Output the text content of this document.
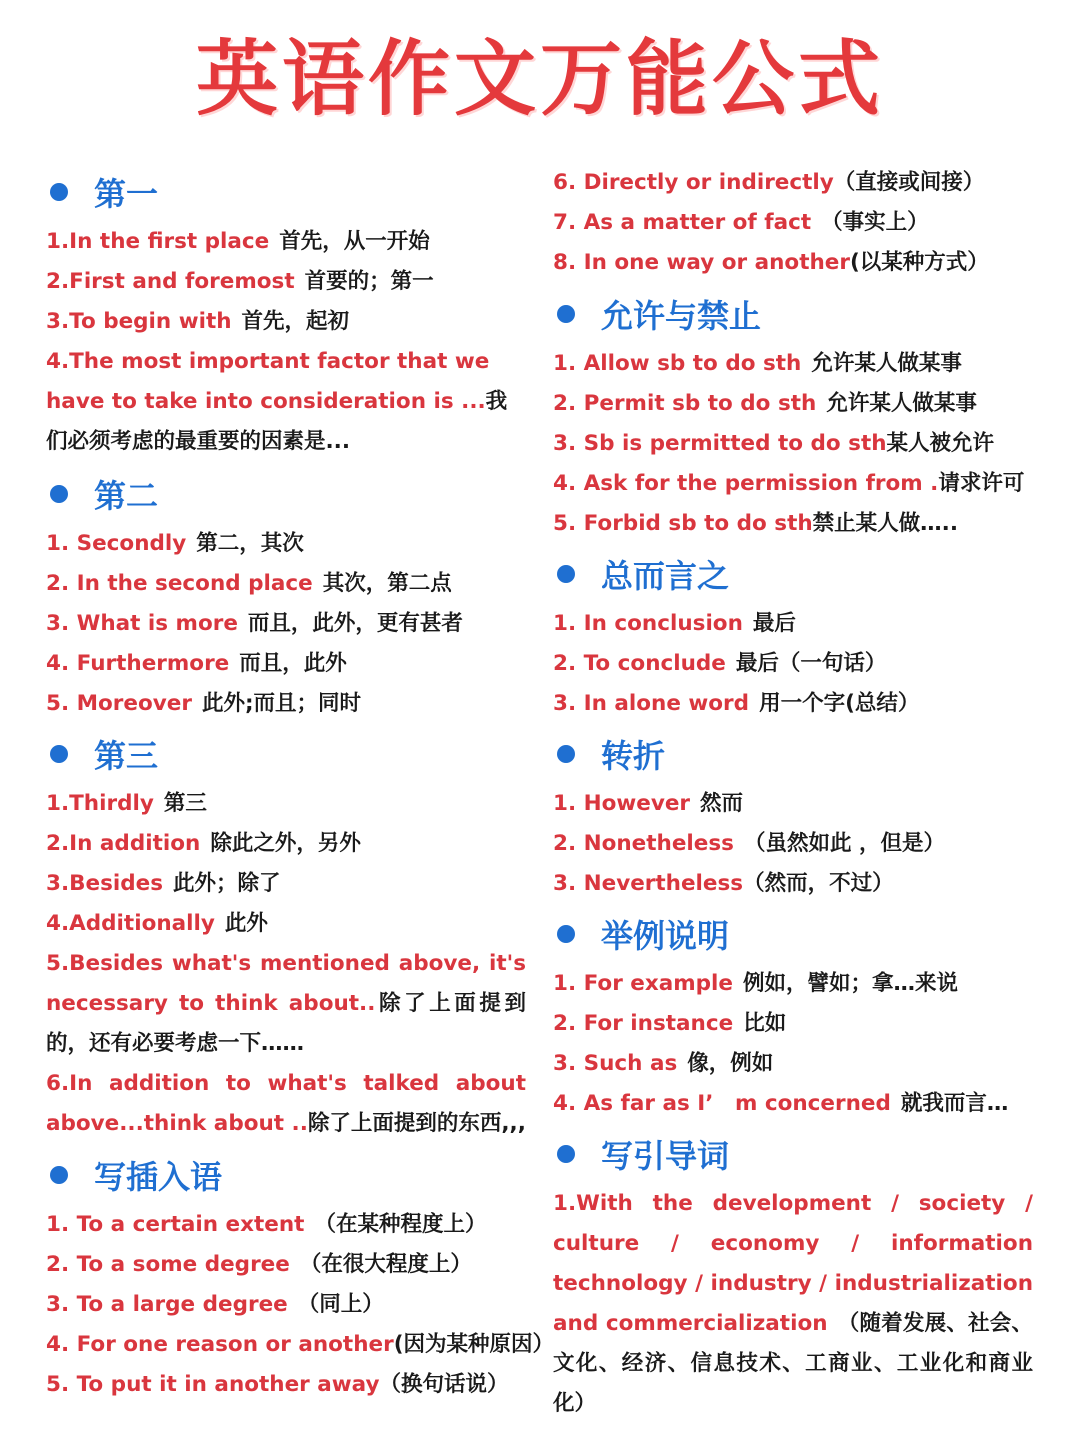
英语作文万能公式
第一
1.In the first place 首先，从一开始
2.First and foremost 首要的；第一
3.To begin with 首先，起初
4.The most important factor that we have to take into consideration is ...我们必须考虑的最重要的因素是...
第二
1. Secondly 第二，其次
2. In the second place 其次，第二点
3. What is more 而且，此外，更有甚者
4. Furthermore 而且，此外
5. Moreover 此外;而且；同时
第三
1.Thirdly 第三
2.In addition 除此之外，另外
3.Besides 此外；除了
4.Additionally 此外
5.Besides what's mentioned above, it's necessary to think about..除了上面提到的，还有必要考虑一下……
6.In addition to what's talked about above...think about ..除了上面提到的东西,,,
写插入语
1. To a certain extent （在某种程度上）
2. To a some degree （在很大程度上）
3. To a large degree （同上）
4. For one reason or another(因为某种原因）
5. To put it in another away（换句话说）
6. Directly or indirectly（直接或间接）
7. As a matter of fact （事实上）
8. In one way or another(以某种方式）
允许与禁止
1. Allow sb to do sth 允许某人做某事
2. Permit sb to do sth 允许某人做某事
3. Sb is permitted to do sth某人被允许
4. Ask for the permission from .请求许可
5. Forbid sb to do sth禁止某人做…..
总而言之
1. In conclusion 最后
2. To conclude 最后（一句话）
3. In alone word 用一个字(总结）
转折
1. However 然而
2. Nonetheless （虽然如此 ，但是）
3. Nevertheless（然而，不过）
举例说明
1. For example 例如，譬如；拿…来说
2. For instance 比如
3. Such as 像，例如
4. As far as I’　m concerned 就我而言…
写引导词
1.With the development / society / culture / economy / information technology / industry / industrialization and commercialization （随着发展、社会、文化、经济、信息技术、工商业、工业化和商业化）
